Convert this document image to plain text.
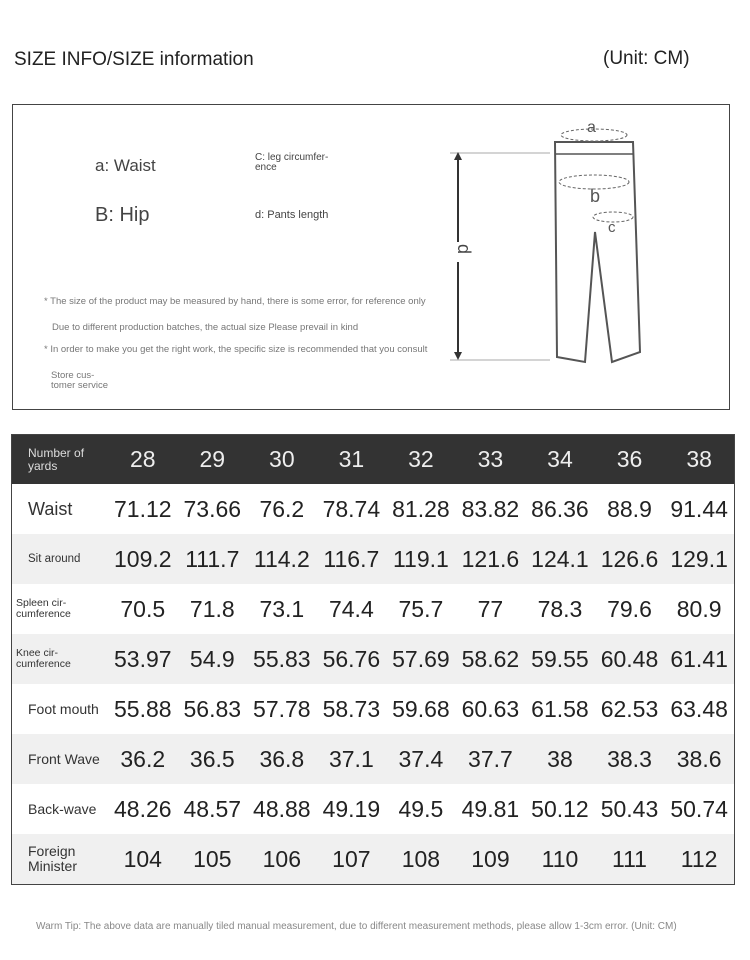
SIZE INFO/SIZE information	(Unit: CM)
a: Waist
B: Hip
C: leg circumfer-
ence
d: Pants length
* The size of the product may be measured by hand, there is some error, for reference only
Due to different production batches, the actual size Please prevail in kind
* In order to make you get the right work, the specific size is recommended that you consult
Store cus-
tomer service
a
b
c
d
Number of yards	28	29	30	31	32	33	34	36	38
Waist	71.12	73.66	76.2	78.74	81.28	83.82	86.36	88.9	91.44
Sit around	109.2	111.7	114.2	116.7	119.1	121.6	124.1	126.6	129.1
Spleen cir-cumference	70.5	71.8	73.1	74.4	75.7	77	78.3	79.6	80.9
Knee cir-cumference	53.97	54.9	55.83	56.76	57.69	58.62	59.55	60.48	61.41
Foot mouth	55.88	56.83	57.78	58.73	59.68	60.63	61.58	62.53	63.48
Front Wave	36.2	36.5	36.8	37.1	37.4	37.7	38	38.3	38.6
Back-wave	48.26	48.57	48.88	49.19	49.5	49.81	50.12	50.43	50.74
Foreign Minister	104	105	106	107	108	109	110	111	112
Warm Tip: The above data are manually tiled manual measurement, due to different measurement methods, please allow 1-3cm error. (Unit: CM)
